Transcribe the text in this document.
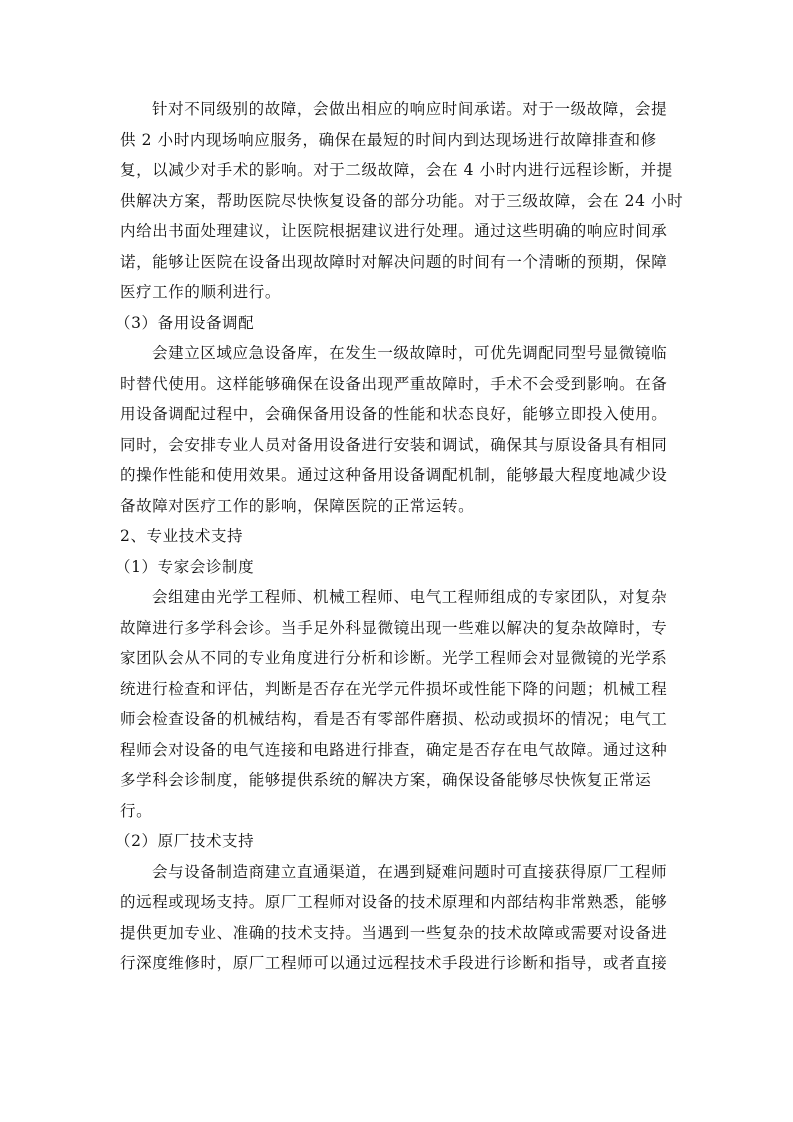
针对不同级别的故障，会做出相应的响应时间承诺。对于一级故障，会提
供 2 小时内现场响应服务，确保在最短的时间内到达现场进行故障排查和修
复，以减少对手术的影响。对于二级故障，会在 4 小时内进行远程诊断，并提
供解决方案，帮助医院尽快恢复设备的部分功能。对于三级故障，会在 24 小时
内给出书面处理建议，让医院根据建议进行处理。通过这些明确的响应时间承
诺，能够让医院在设备出现故障时对解决问题的时间有一个清晰的预期，保障
医疗工作的顺利进行。
（3）备用设备调配
会建立区域应急设备库，在发生一级故障时，可优先调配同型号显微镜临
时替代使用。这样能够确保在设备出现严重故障时，手术不会受到影响。在备
用设备调配过程中，会确保备用设备的性能和状态良好，能够立即投入使用。
同时，会安排专业人员对备用设备进行安装和调试，确保其与原设备具有相同
的操作性能和使用效果。通过这种备用设备调配机制，能够最大程度地减少设
备故障对医疗工作的影响，保障医院的正常运转。
2、专业技术支持
（1）专家会诊制度
会组建由光学工程师、机械工程师、电气工程师组成的专家团队，对复杂
故障进行多学科会诊。当手足外科显微镜出现一些难以解决的复杂故障时，专
家团队会从不同的专业角度进行分析和诊断。光学工程师会对显微镜的光学系
统进行检查和评估，判断是否存在光学元件损坏或性能下降的问题；机械工程
师会检查设备的机械结构，看是否有零部件磨损、松动或损坏的情况；电气工
程师会对设备的电气连接和电路进行排查，确定是否存在电气故障。通过这种
多学科会诊制度，能够提供系统的解决方案，确保设备能够尽快恢复正常运
行。
（2）原厂技术支持
会与设备制造商建立直通渠道，在遇到疑难问题时可直接获得原厂工程师
的远程或现场支持。原厂工程师对设备的技术原理和内部结构非常熟悉，能够
提供更加专业、准确的技术支持。当遇到一些复杂的技术故障或需要对设备进
行深度维修时，原厂工程师可以通过远程技术手段进行诊断和指导，或者直接
